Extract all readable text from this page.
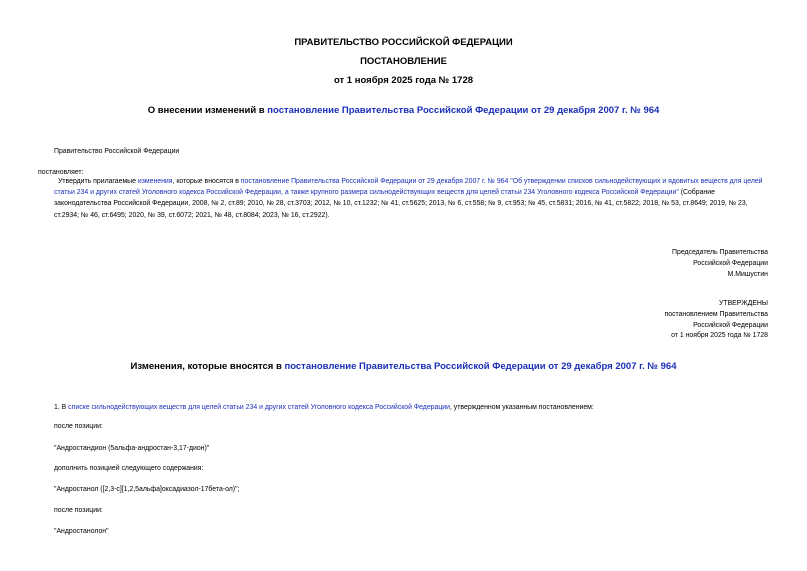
ПРАВИТЕЛЬСТВО РОССИЙСКОЙ ФЕДЕРАЦИИ
ПОСТАНОВЛЕНИЕ
от 1 ноября 2025 года № 1728
О внесении изменений в постановление Правительства Российской Федерации от 29 декабря 2007 г. № 964
Правительство Российской Федерации
постановляет:
Утвердить прилагаемые изменения, которые вносятся в постановление Правительства Российской Федерации от 29 декабря 2007 г. № 964 "Об утверждении списков сильнодействующих и ядовитых веществ для целей статьи 234 и других статей Уголовного кодекса Российской Федерации, а также крупного размера сильнодействующих веществ для целей статьи 234 Уголовного кодекса Российской Федерации" (Собрание законодательства Российской Федерации, 2008, № 2, ст.89; 2010, № 28, ст.3703; 2012, № 10, ст.1232; № 41, ст.5625; 2013, № 6, ст.558; № 9, ст.953; № 45, ст.5831; 2016, № 41, ст.5822; 2018, № 53, ст.8649; 2019, № 23, ст.2934; № 46, ст.6495; 2020, № 39, ст.6072; 2021, № 48, ст.8084; 2023, № 16, ст.2922).
Председатель Правительства
Российской Федерации
М.Мишустин
УТВЕРЖДЕНЫ
постановлением Правительства
Российской Федерации
от 1 ноября 2025 года № 1728
Изменения, которые вносятся в постановление Правительства Российской Федерации от 29 декабря 2007 г. № 964
1. В списке сильнодействующих веществ для целей статьи 234 и других статей Уголовного кодекса Российской Федерации, утвержденном указанным постановлением:
после позиции:
"Андростандион (5альфа-андростан-3,17-дион)"
дополнить позицией следующего содержания:
"Андростанол ([2,3-c][1,2,5альфа]оксадиазол-17бета-ол)";
после позиции:
"Андростанолон"
